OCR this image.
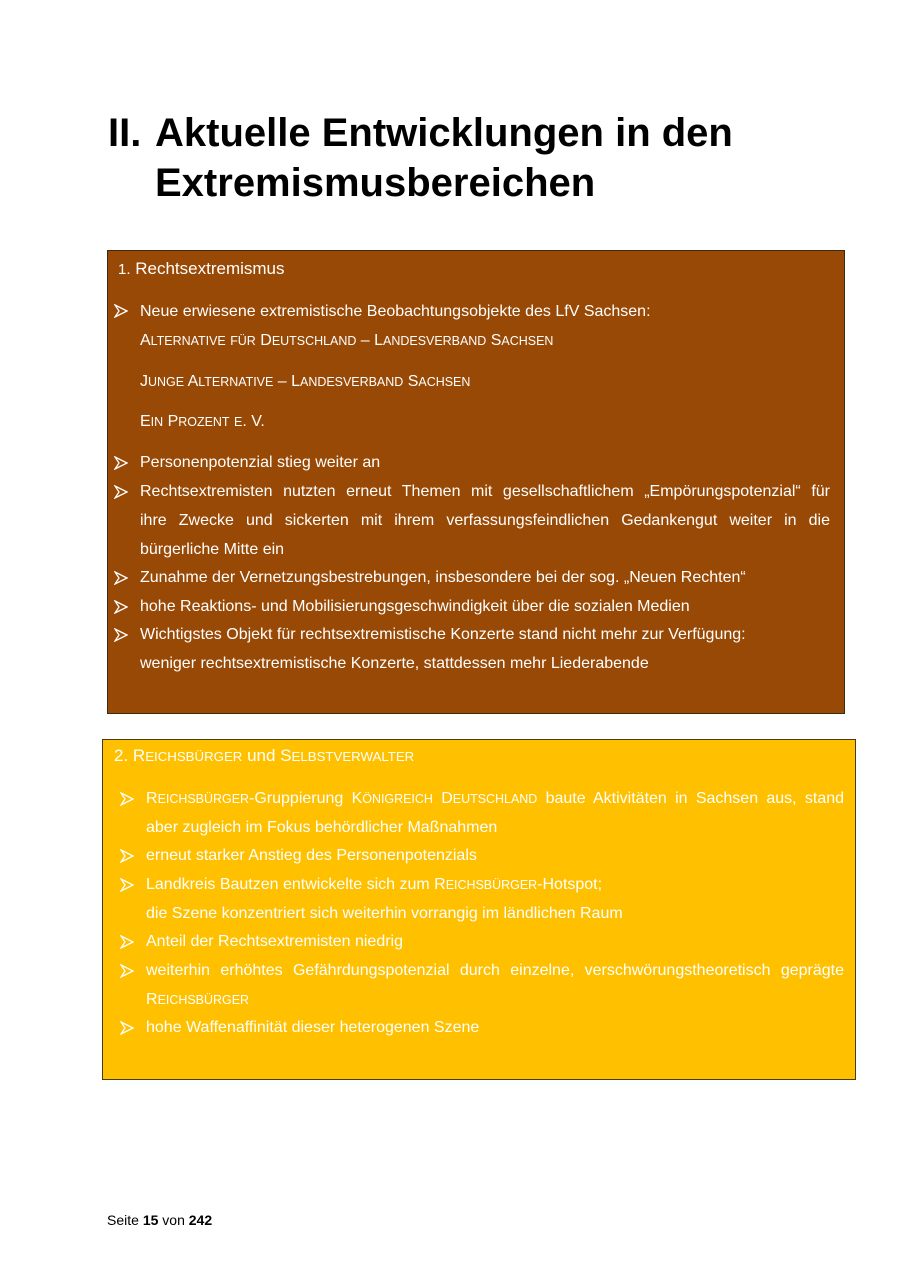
II. Aktuelle Entwicklungen in den
Extremismusbereichen
1. Rechtsextremismus
Neue erwiesene extremistische Beobachtungsobjekte des LfV Sachsen:
ALTERNATIVE FÜR DEUTSCHLAND – LANDESVERBAND SACHSEN
JUNGE ALTERNATIVE – LANDESVERBAND SACHSEN
EIN PROZENT E. V.
Personenpotenzial stieg weiter an
Rechtsextremisten nutzten erneut Themen mit gesellschaftlichem „Empörungspotenzial“ für
ihre Zwecke und sickerten mit ihrem verfassungsfeindlichen Gedankengut weiter in die
bürgerliche Mitte ein
Zunahme der Vernetzungsbestrebungen, insbesondere bei der sog. „Neuen Rechten“
hohe Reaktions- und Mobilisierungsgeschwindigkeit über die sozialen Medien
Wichtigstes Objekt für rechtsextremistische Konzerte stand nicht mehr zur Verfügung:
weniger rechtsextremistische Konzerte, stattdessen mehr Liederabende
2. REICHSBÜRGER und SELBSTVERWALTER
REICHSBÜRGER-Gruppierung KÖNIGREICH DEUTSCHLAND baute Aktivitäten in Sachsen aus, stand
aber zugleich im Fokus behördlicher Maßnahmen
erneut starker Anstieg des Personenpotenzials
Landkreis Bautzen entwickelte sich zum REICHSBÜRGER-Hotspot;
die Szene konzentriert sich weiterhin vorrangig im ländlichen Raum
Anteil der Rechtsextremisten niedrig
weiterhin erhöhtes Gefährdungspotenzial durch einzelne, verschwörungstheoretisch geprägte
REICHSBÜRGER
hohe Waffenaffinität dieser heterogenen Szene
Seite 15 von 242
